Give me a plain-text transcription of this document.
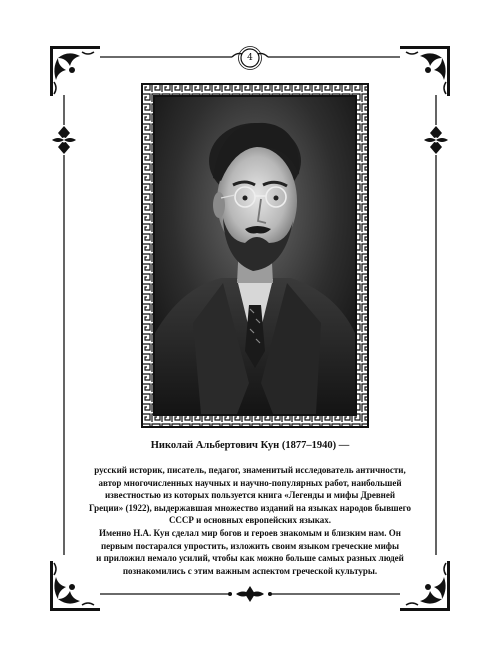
4
Николай Альбертович Кун (1877–1940) —
русский историк, писатель, педагог, знаменитый исследователь античности,
автор многочисленных научных и научно-популярных работ, наибольшей
известностью из которых пользуется книга «Легенды и мифы Древней
Греции» (1922), выдержавшая множество изданий на языках народов бывшего
СССР и основных европейских языках.
Именно Н.А. Кун сделал мир богов и героев знакомым и близким нам. Он
первым постарался упростить, изложить своим языком греческие мифы
и приложил немало усилий, чтобы как можно больше самых разных людей
познакомились с этим важным аспектом греческой культуры.
